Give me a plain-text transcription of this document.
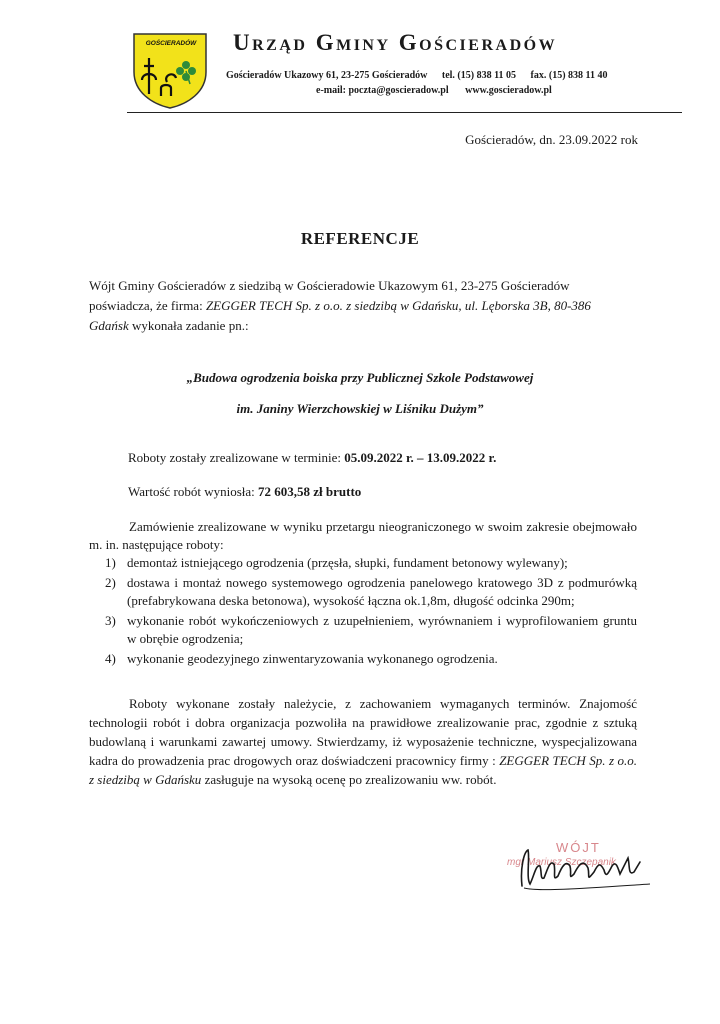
GOŚCIERADÓW Urząd Gminy Gościeradów
Gościeradów Ukazowy 61, 23-275 Gościeradów tel. (15) 838 11 05 fax. (15) 838 11 40
e-mail: poczta@goscieradow.pl www.goscieradow.pl
Gościeradów, dn. 23.09.2022 rok
REFERENCJE
Wójt Gminy Gościeradów z siedzibą w Gościeradowie Ukazowym 61, 23-275 Gościeradów poświadcza, że firma: ZEGGER TECH Sp. z o.o. z siedzibą w Gdańsku, ul. Lęborska 3B, 80-386 Gdańsk wykonała zadanie pn.:
„Budowa ogrodzenia boiska przy Publicznej Szkole Podstawowej
im. Janiny Wierzchowskiej w Liśniku Dużym”
Roboty zostały zrealizowane w terminie: 05.09.2022 r. – 13.09.2022 r.
Wartość robót wyniosła: 72 603,58 zł brutto
Zamówienie zrealizowane w wyniku przetargu nieograniczonego w swoim zakresie obejmowało m. in. następujące roboty:
1) demontaż istniejącego ogrodzenia (przęsła, słupki, fundament betonowy wylewany);
2) dostawa i montaż nowego systemowego ogrodzenia panelowego kratowego 3D z podmurówką (prefabrykowana deska betonowa), wysokość łączna ok.1,8m, długość odcinka 290m;
3) wykonanie robót wykończeniowych z uzupełnieniem, wyrównaniem i wyprofilowaniem gruntu w obrębie ogrodzenia;
4) wykonanie geodezyjnego zinwentaryzowania wykonanego ogrodzenia.
Roboty wykonane zostały należycie, z zachowaniem wymaganych terminów. Znajomość technologii robót i dobra organizacja pozwoliła na prawidłowe zrealizowanie prac, zgodnie z sztuką budowlaną i warunkami zawartej umowy. Stwierdzamy, iż wyposażenie techniczne, wyspecjalizowana kadra do prowadzenia prac drogowych oraz doświadczeni pracownicy firmy : ZEGGER TECH Sp. z o.o. z siedzibą w Gdańsku zasługuje na wysoką ocenę po zrealizowaniu ww. robót.
WÓJT
mgr Mariusz Szczepanik
